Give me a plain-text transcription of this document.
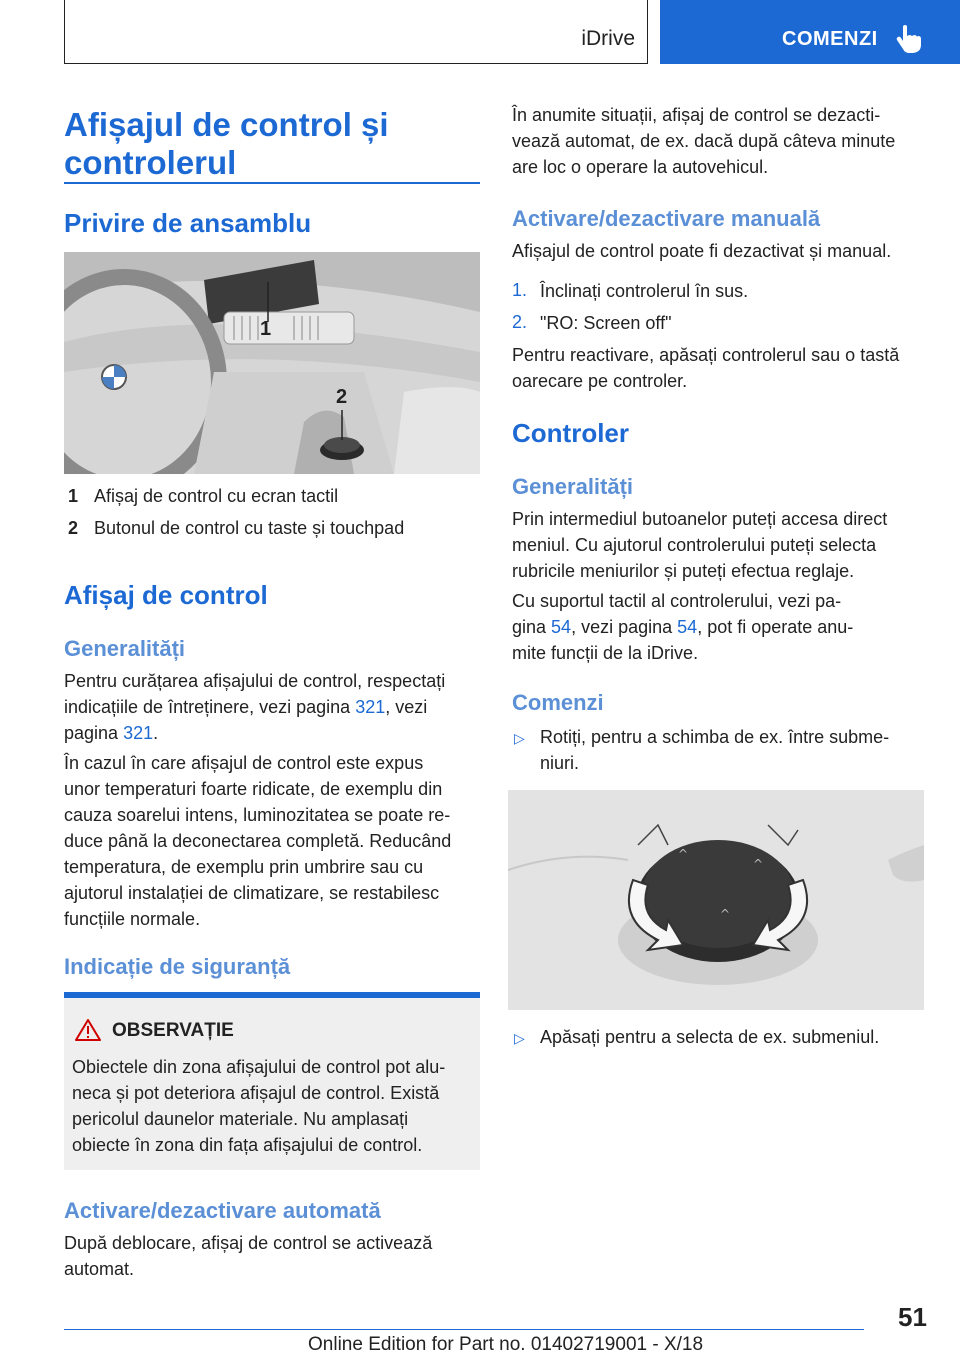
iDrive	COMENZI
Afișajul de control și
controlerul
Privire de ansamblu
1
2
1 Afișaj de control cu ecran tactil
2 Butonul de control cu taste și touchpad
Afișaj de control
Generalități
Pentru curățarea afișajului de control, respectați
indicațiile de întreținere, vezi pagina 321, vezi
pagina 321.
În cazul în care afișajul de control este expus
unor temperaturi foarte ridicate, de exemplu din
cauza soarelui intens, luminozitatea se poate re-
duce până la deconectarea completă. Reducând
temperatura, de exemplu prin umbrire sau cu
ajutorul instalației de climatizare, se restabilesc
funcțiile normale.
Indicație de siguranță
OBSERVAȚIE
Obiectele din zona afișajului de control pot alu-
neca și pot deteriora afișajul de control. Există
pericolul daunelor materiale. Nu amplasați
obiecte în zona din fața afișajului de control.
Activare/dezactivare automată
După deblocare, afișaj de control se activează
automat.
În anumite situații, afișaj de control se dezacti-
vează automat, de ex. dacă după câteva minute
are loc o operare la autovehicul.
Activare/dezactivare manuală
Afișajul de control poate fi dezactivat și manual.
1. Înclinați controlerul în sus.
2. "RO: Screen off"
Pentru reactivare, apăsați controlerul sau o tastă
oarecare pe controler.
Controler
Generalități
Prin intermediul butoanelor puteți accesa direct
meniul. Cu ajutorul controlerului puteți selecta
rubricile meniurilor și puteți efectua reglaje.
Cu suportul tactil al controlerului, vezi pa-
gina 54, vezi pagina 54, pot fi operate anu-
mite funcții de la iDrive.
Comenzi
▷ Rotiți, pentru a schimba de ex. între subme-
niuri.
^
^
^
▷ Apăsați pentru a selecta de ex. submeniul.
51
Online Edition for Part no. 01402719001 - X/18
